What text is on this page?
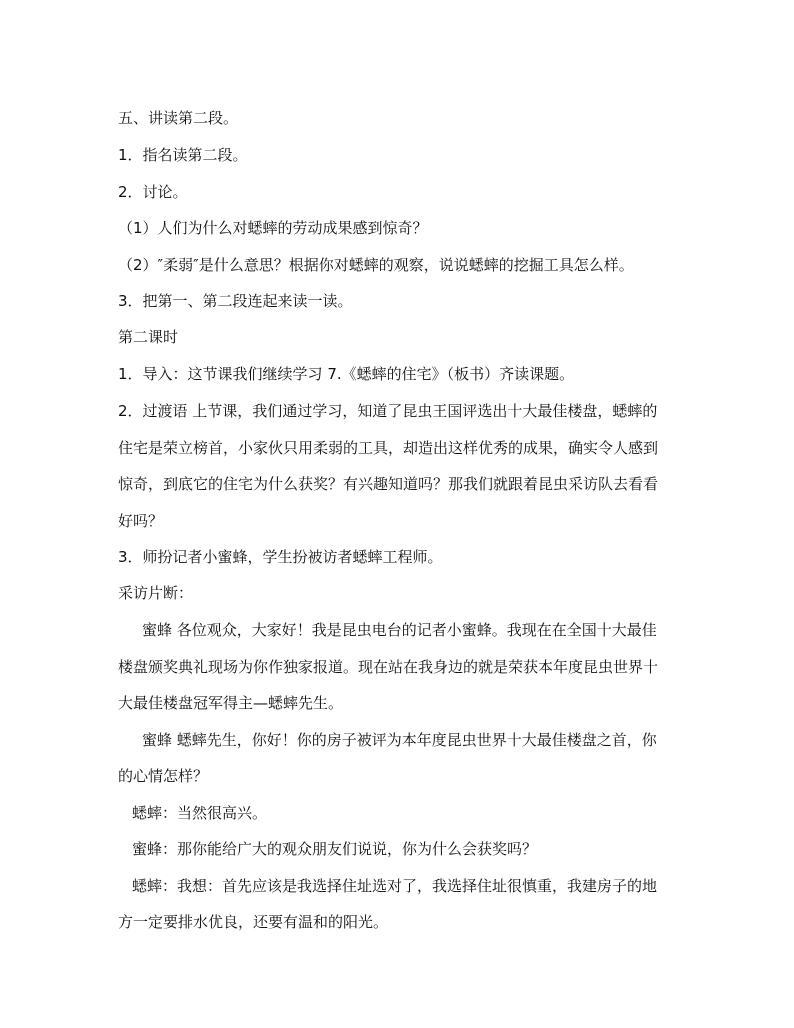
五、讲读第二段。
1．指名读第二段。
2．讨论。
（1）人们为什么对蟋蟀的劳动成果感到惊奇？
（2）″柔弱″是什么意思？根据你对蟋蟀的观察，说说蟋蟀的挖掘工具怎么样。
3．把第一、第二段连起来读一读。
第二课时
1．导入：这节课我们继续学习 7.《蟋蟀的住宅》（板书）齐读课题。
2．过渡语 上节课，我们通过学习，知道了昆虫王国评选出十大最佳楼盘，蟋蟀的
住宅是荣立榜首，小家伙只用柔弱的工具，却造出这样优秀的成果，确实令人感到
惊奇，到底它的住宅为什么获奖？有兴趣知道吗？那我们就跟着昆虫采访队去看看
好吗？
3．师扮记者小蜜蜂，学生扮被访者蟋蟀工程师。
采访片断：
蜜蜂 各位观众，大家好！我是昆虫电台的记者小蜜蜂。我现在在全国十大最佳
楼盘颁奖典礼现场为你作独家报道。现在站在我身边的就是荣获本年度昆虫世界十
大最佳楼盘冠军得主—蟋蟀先生。
蜜蜂 蟋蟀先生，你好！你的房子被评为本年度昆虫世界十大最佳楼盘之首，你
的心情怎样？
蟋蟀：当然很高兴。
蜜蜂：那你能给广大的观众朋友们说说，你为什么会获奖吗？
蟋蟀：我想：首先应该是我选择住址选对了，我选择住址很慎重，我建房子的地
方一定要排水优良，还要有温和的阳光。
